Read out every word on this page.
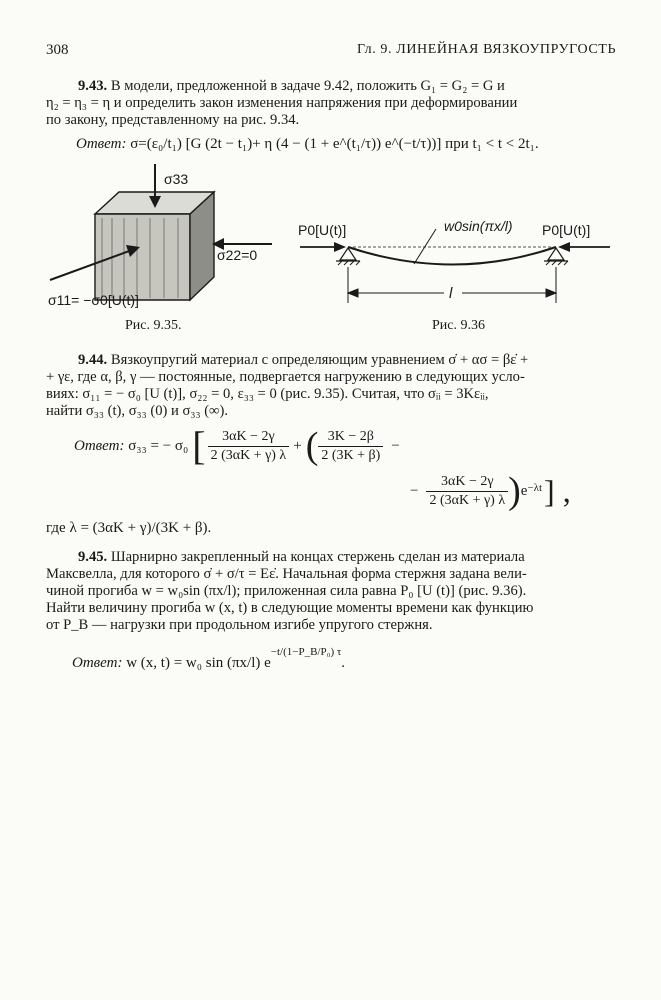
308	Гл. 9. ЛИНЕЙНАЯ ВЯЗКОУПРУГОСТЬ
9.43. В модели, предложенной в задаче 9.42, положить G₁ = G₂ = G и
η₂ = η₃ = η и определить закон изменения напряжения при деформировании
по закону, представленному на рис. 9.34.
Ответ: σ=(ε₀/t₁) [G (2t − t₁)+ η (4 − (1 + e^(t₁/τ)) e^(−t/τ))] при t₁ < t < 2t₁.
σ33
σ22=0
σ11= −σ0[U(t)]
Рис. 9.35.
P0[U(t)]	P0[U(t)]
w0sin(πx/l)
l
Рис. 9.36
9.44. Вязкоупругий материал с определяющим уравнением σ̇ + ασ = βε̇ +
+ γε, где α, β, γ — постоянные, подвергается нагружению в следующих усло-
виях: σ₁₁ = − σ₀ [U (t)], σ₂₂ = 0, ε₃₃ = 0 (рис. 9.35). Считая, что σᵢᵢ = 3Kεᵢᵢ,
найти σ₃₃ (t), σ₃₃ (0) и σ₃₃ (∞).
Ответ:
σ₃₃ = − σ₀ [ $\frac{3\alpha K - 2\gamma}{2 (3\alpha K + \gamma) \lambda}$ + ( $\frac{3K - 2\beta}{2 (3K + \beta)}$ −
− $\frac{3\alpha K - 2\gamma}{2 (3\alpha K + \gamma) \lambda}$ ) $e^{-\lambda t}$ ] ,
где λ = (3αK + γ)/(3K + β).
9.45. Шарнирно закрепленный на концах стержень сделан из материала
Максвелла, для которого σ̇ + σ/τ = Eε̇. Начальная форма стержня задана вели-
чиной прогиба w = w₀sin (πx/l); приложенная сила равна P₀ [U (t)] (рис. 9.36).
Найти величину прогиба w (x, t) в следующие моменты времени как функцию
от P_B — нагрузки при продольном изгибе упругого стержня.
Ответ: w (x, t) = w₀ sin (πx/l) $e^{-t/(1-P\_B/P_0) \tau}$.
